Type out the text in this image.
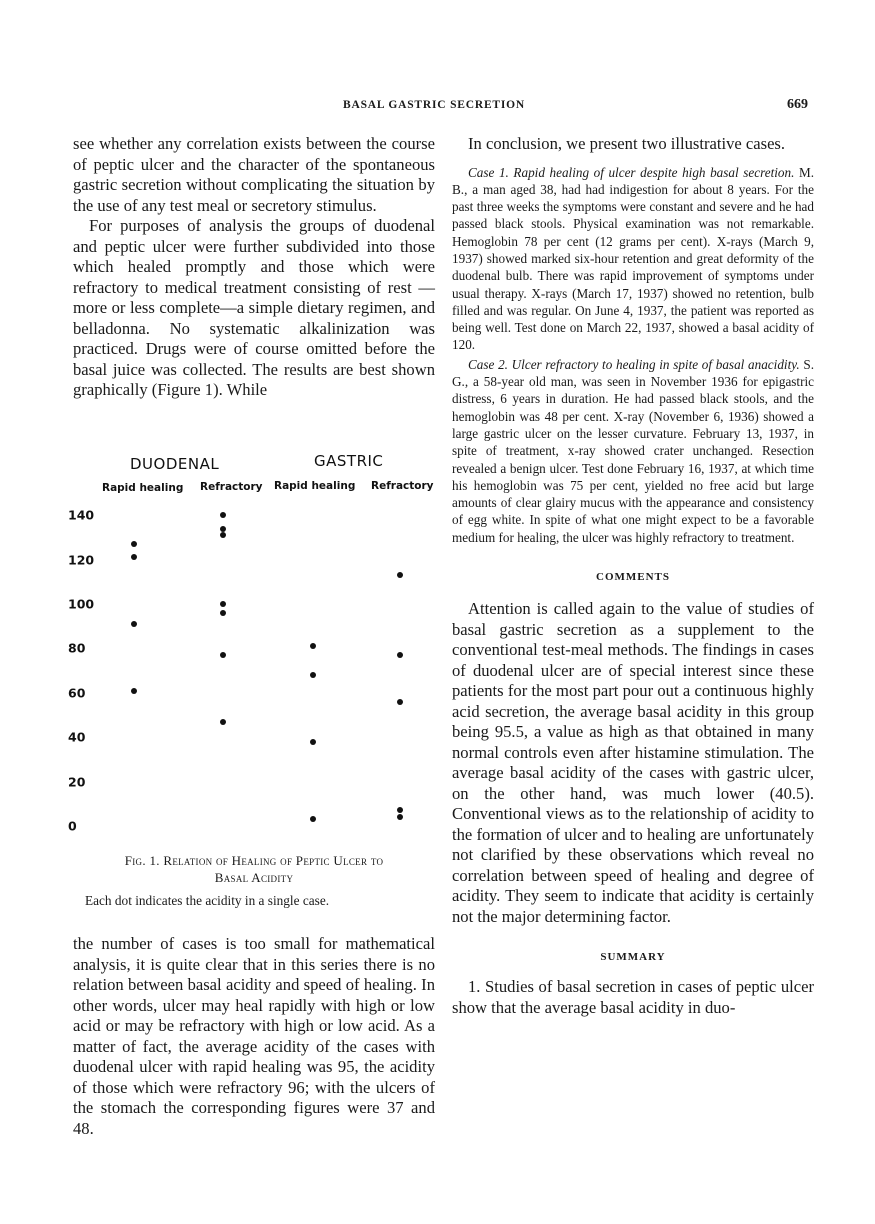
BASAL GASTRIC SECRETION	669

see whether any correlation exists between the course of peptic ulcer and the character of the spontaneous gastric secretion without complicating the situation by the use of any test meal or secretory stimulus.

For purposes of analysis the groups of duodenal and peptic ulcer were further subdivided into those which healed promptly and those which were refractory to medical treatment consisting of rest —more or less complete—a simple dietary regimen, and belladonna. No systematic alkalinization was practiced. Drugs were of course omitted before the basal juice was collected. The results are best shown graphically (Figure 1). While

DUODENAL	GASTRIC
Rapid healing Refractory Rapid healing Refractory
140
120
100
80
60
40
20
0
Fig. 1. Relation of Healing of Peptic Ulcer to
Basal Acidity
Each dot indicates the acidity in a single case.

the number of cases is too small for mathematical analysis, it is quite clear that in this series there is no relation between basal acidity and speed of healing. In other words, ulcer may heal rapidly with high or low acid or may be refractory with high or low acid. As a matter of fact, the average acidity of the cases with duodenal ulcer with rapid healing was 95, the acidity of those which were refractory 96; with the ulcers of the stomach the corresponding figures were 37 and 48.

In conclusion, we present two illustrative cases.

Case 1. Rapid healing of ulcer despite high basal secretion. M. B., a man aged 38, had had indigestion for about 8 years. For the past three weeks the symptoms were constant and severe and he had passed black stools. Physical examination was not remarkable. Hemoglobin 78 per cent (12 grams per cent). X-rays (March 9, 1937) showed marked six-hour retention and great deformity of the duodenal bulb. There was rapid improvement of symptoms under usual therapy. X-rays (March 17, 1937) showed no retention, bulb filled and was regular. On June 4, 1937, the patient was reported as being well. Test done on March 22, 1937, showed a basal acidity of 120.

Case 2. Ulcer refractory to healing in spite of basal anacidity. S. G., a 58-year old man, was seen in November 1936 for epigastric distress, 6 years in duration. He had passed black stools, and the hemoglobin was 48 per cent. X-ray (November 6, 1936) showed a large gastric ulcer on the lesser curvature. February 13, 1937, in spite of treatment, x-ray showed crater unchanged. Resection revealed a benign ulcer. Test done February 16, 1937, at which time his hemoglobin was 75 per cent, yielded no free acid but large amounts of clear glairy mucus with the appearance and consistency of egg white. In spite of what one might expect to be a favorable medium for healing, the ulcer was highly refractory to treatment.

COMMENTS

Attention is called again to the value of studies of basal gastric secretion as a supplement to the conventional test-meal methods. The findings in cases of duodenal ulcer are of special interest since these patients for the most part pour out a continuous highly acid secretion, the average basal acidity in this group being 95.5, a value as high as that obtained in many normal controls even after histamine stimulation. The average basal acidity of the cases with gastric ulcer, on the other hand, was much lower (40.5). Conventional views as to the relationship of acidity to the formation of ulcer and to healing are unfortunately not clarified by these observations which reveal no correlation between speed of healing and degree of acidity. They seem to indicate that acidity is certainly not the major determining factor.

SUMMARY

1. Studies of basal secretion in cases of peptic ulcer show that the average basal acidity in duo-
